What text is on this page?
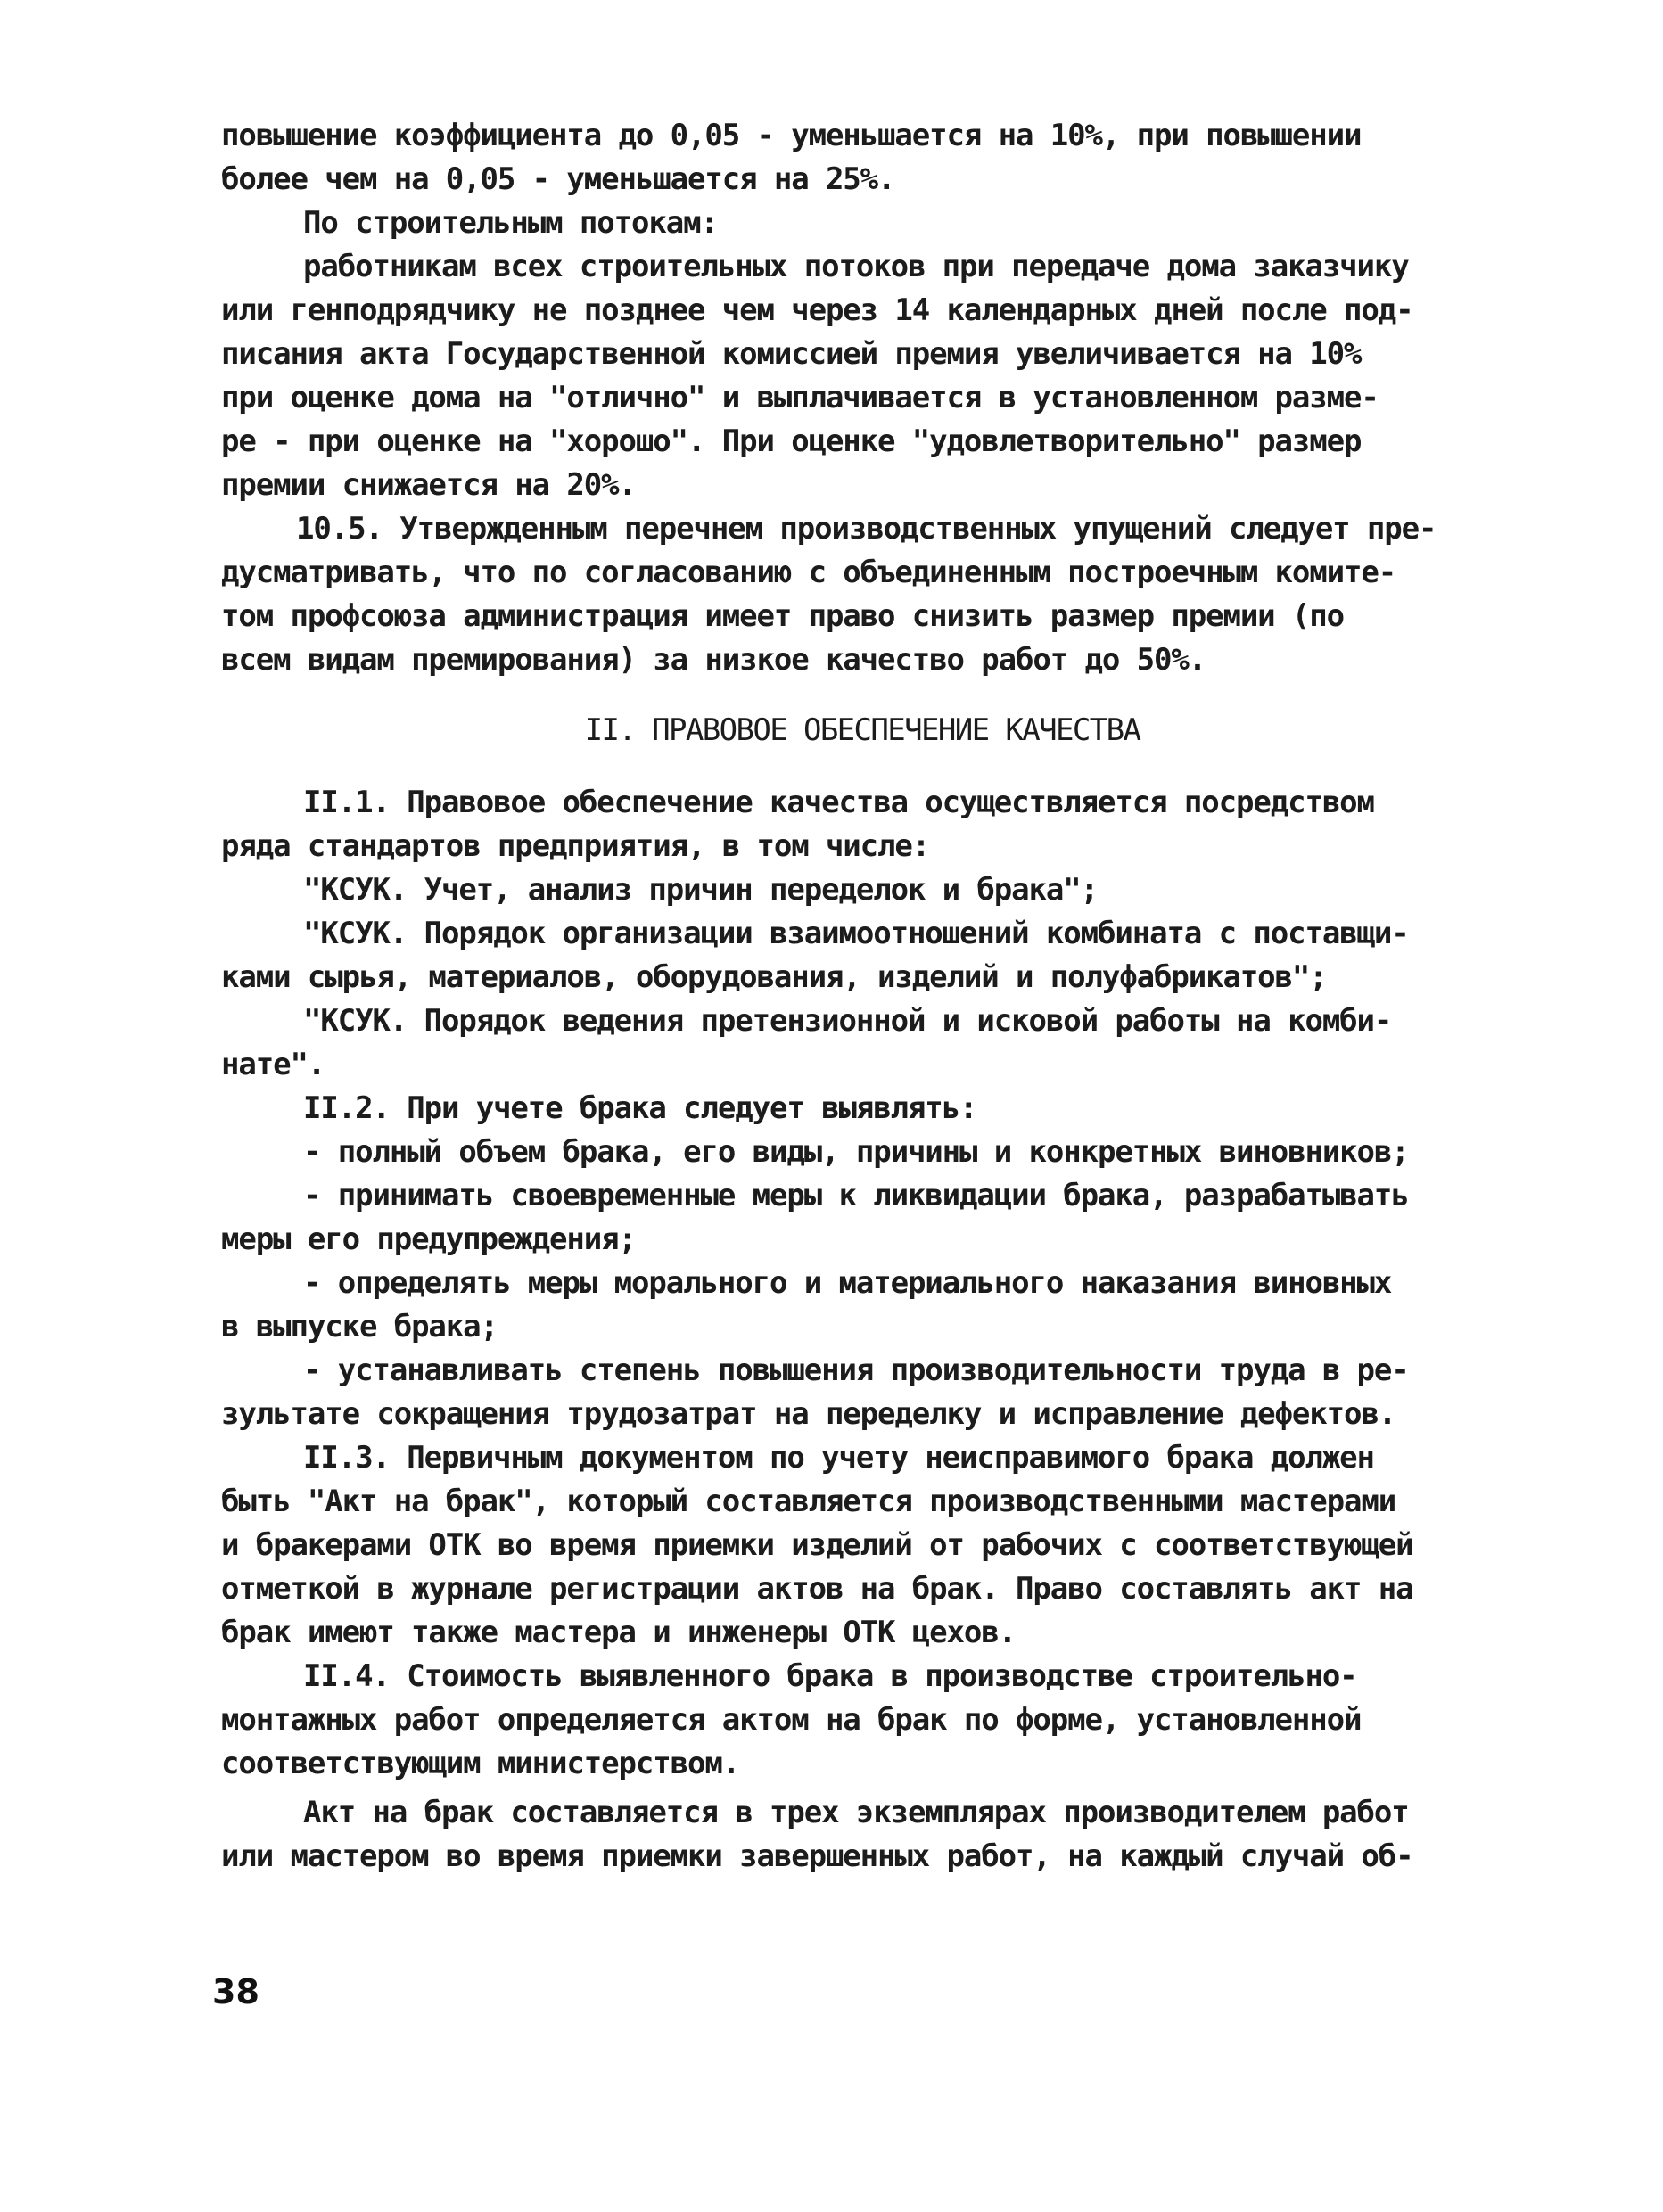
повышение коэффициента до 0,05 - уменьшается на 10%, при повышении
более чем на 0,05 - уменьшается на 25%.
По строительным потокам:
работникам всех строительных потоков при передаче дома заказчику
или генподрядчику не позднее чем через 14 календарных дней после под-
писания акта Государственной комиссией премия увеличивается на 10%
при оценке дома на "отлично" и выплачивается в установленном разме-
ре - при оценке на "хорошо". При оценке "удовлетворительно" размер
премии снижается на 20%.
10.5. Утвержденным перечнем производственных упущений следует пре-
дусматривать, что по согласованию с объединенным построечным комите-
том профсоюза администрация имеет право снизить размер премии (по
всем видам премирования) за низкое качество работ до 50%.
II. ПРАВОВОЕ ОБЕСПЕЧЕНИЕ КАЧЕСТВА
II.1. Правовое обеспечение качества осуществляется посредством
ряда стандартов предприятия, в том числе:
"КСУК. Учет, анализ причин переделок и брака";
"КСУК. Порядок организации взаимоотношений комбината с поставщи-
ками сырья, материалов, оборудования, изделий и полуфабрикатов";
"КСУК. Порядок ведения претензионной и исковой работы на комби-
нате".
II.2. При учете брака следует выявлять:
- полный объем брака, его виды, причины и конкретных виновников;
- принимать своевременные меры к ликвидации брака, разрабатывать
меры его предупреждения;
- определять меры морального и материального наказания виновных
в выпуске брака;
- устанавливать степень повышения производительности труда в ре-
зультате сокращения трудозатрат на переделку и исправление дефектов.
II.3. Первичным документом по учету неисправимого брака должен
быть "Акт на брак", который составляется производственными мастерами
и бракерами ОТК во время приемки изделий от рабочих с соответствующей
отметкой в журнале регистрации актов на брак. Право составлять акт на
брак имеют также мастера и инженеры ОТК цехов.
II.4. Стоимость выявленного брака в производстве строительно-
монтажных работ определяется актом на брак по форме, установленной
соответствующим министерством.
Акт на брак составляется в трех экземплярах производителем работ
или мастером во время приемки завершенных работ, на каждый случай об-
38
